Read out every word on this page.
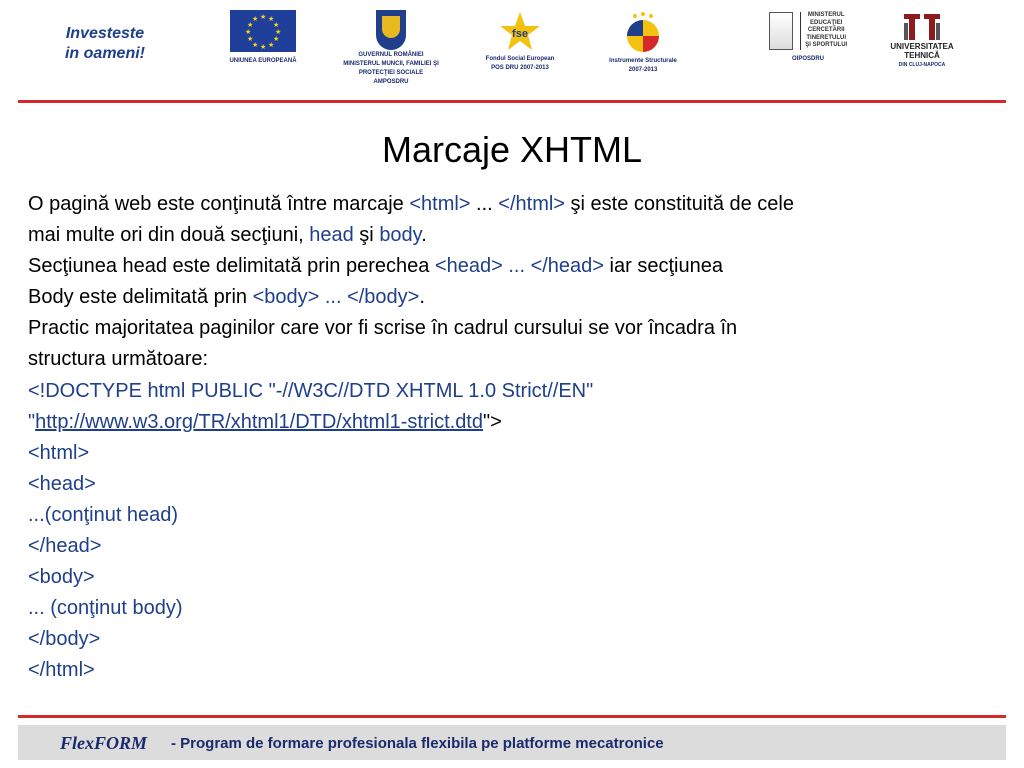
Investeste
in oameni!
★ ★
★
★
★
★
★
★
★
★
★
★
UNIUNEA EUROPEANĂ
GUVERNUL ROMÂNIEI
MINISTERUL MUNCII, FAMILIEI ŞI
PROTECŢIEI SOCIALE
AMPOSDRU
fse
Fondul Social European
POS DRU 2007-2013
Instrumente Structurale
2007-2013
MINISTERUL
EDUCAŢIEI
CERCETĂRII
TINERETULUI
ŞI SPORTULUI
OIPOSDRU
UNIVERSITATEA
TEHNICĂ
DIN CLUJ-NAPOCA
Marcaje XHTML
O pagină web este conţinută între marcaje <html> ... </html> şi este constituită de cele
mai multe ori din două secţiuni, head şi body.
Secţiunea head este delimitată prin perechea <head> ... </head> iar secţiunea
Body este delimitată prin <body> ... </body>.
Practic majoritatea paginilor care vor fi scrise în cadrul cursului se vor încadra în
structura următoare:
<!DOCTYPE html PUBLIC "-//W3C//DTD XHTML 1.0 Strict//EN"
"http://www.w3.org/TR/xhtml1/DTD/xhtml1-strict.dtd">
<html>
<head>
...(conţinut head)
</head>
<body>
... (conţinut body)
</body>
</html>
FlexFORM - Program de formare profesionala flexibila pe platforme mecatronice
